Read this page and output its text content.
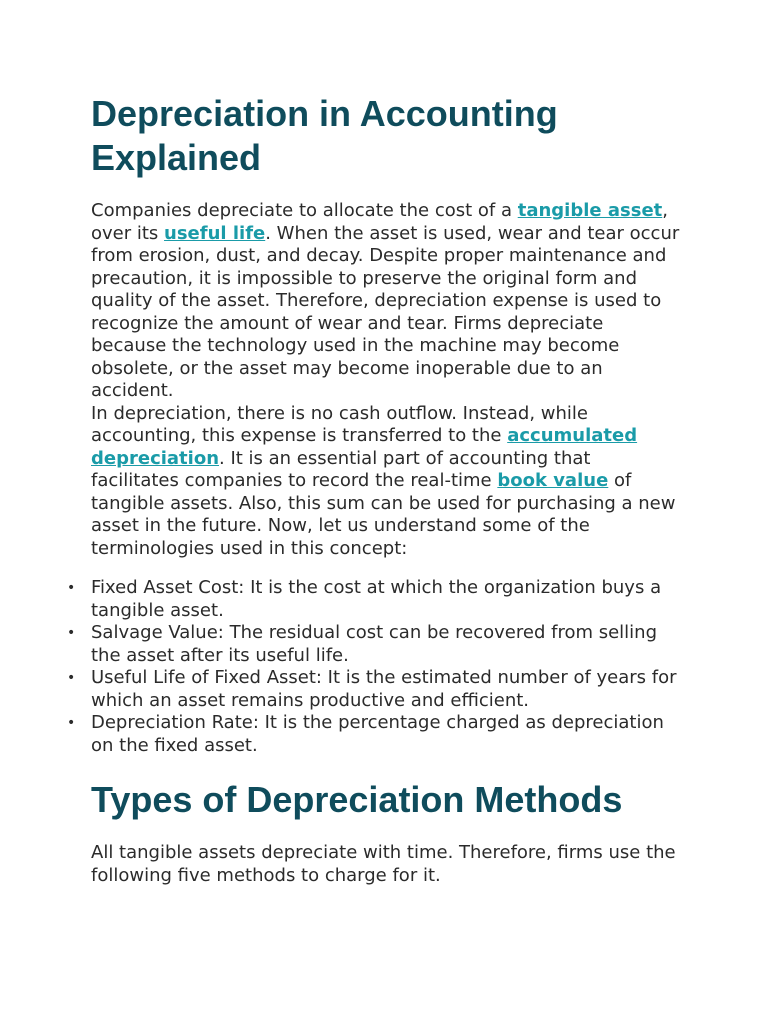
Depreciation in Accounting Explained

Companies depreciate to allocate the cost of a tangible asset, over its useful life. When the asset is used, wear and tear occur from erosion, dust, and decay. Despite proper maintenance and precaution, it is impossible to preserve the original form and quality of the asset. Therefore, depreciation expense is used to recognize the amount of wear and tear. Firms depreciate because the technology used in the machine may become obsolete, or the asset may become inoperable due to an accident.

In depreciation, there is no cash outflow. Instead, while accounting, this expense is transferred to the accumulated depreciation. It is an essential part of accounting that facilitates companies to record the real-time book value of tangible assets. Also, this sum can be used for purchasing a new asset in the future. Now, let us understand some of the terminologies used in this concept:

• Fixed Asset Cost: It is the cost at which the organization buys a tangible asset.
• Salvage Value: The residual cost can be recovered from selling the asset after its useful life.
• Useful Life of Fixed Asset: It is the estimated number of years for which an asset remains productive and efficient.
• Depreciation Rate: It is the percentage charged as depreciation on the fixed asset.
Types of Depreciation Methods

All tangible assets depreciate with time. Therefore, firms use the following five methods to charge for it.
